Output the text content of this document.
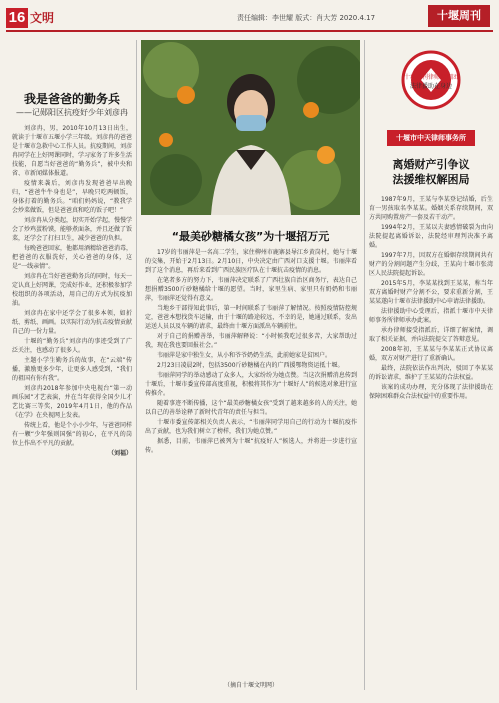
16 文明	责任编辑：李世耀 版式：肖大芳 2020.4.17	十堰周刊
我是爸爸的勤务兵
——记郧阳区抗疫好少年刘彦冉

刘彦冉，男，2010年10月13日出生，就读于十堰市五堰小学三年级。刘彦冉的爸爸是十堰市急救中心工作人员。抗疫期间，刘彦冉同学在上好网课同时，学习家务了许多生活技能，自愿当好爸爸的“勤务兵”，被中央和省、市新闻媒体报道。

疫情来袭后，刘彦冉发现爸爸早出晚归，“爸爸牛牛身也是”，早晚只吃两顿饭，身体打着的勤务兵。“咱们妈妈说，“教我学会炒菜做饭，但是爸爸真和吃的饭子吧！”

刘彦冉从分类起，切实开始学起，慢慢学会了炒鸡蛋粉馍，能够煮面条，并且还做了饭菜，还学会了打扫卫生，减少爸爸的负担。

每晚爸爸回家，他都用酒精给爸爸消毒，把爸爸的衣服洗好，关心爸爸的身体，这是“一线亲情”。

刘彦冉在当好爸爸勤务兵的同时，每天一定认真上好网课，完成好作业，还积极参加学校组织的各项活动，用自己的方式为抗疫加油。

刘彦冉在家中还学会了很多本领，如折纸、剪纸、画画。以实际行动为抗击疫情贡献自己的一份力量。

十堰的“勤务兵”刘彦冉的事迹受到了广泛关注，也感动了很多人。

主题小学生勤务兵的故事，在“云端”传播，激励更多少年，让更多人感受到，“我们的祖国有你有我”。

刘彦冉2018年参加中央电视台“第一动画乐园”才艺表演，并在当年获得全国少儿才艺比赛三等奖，2019年4月1日，他的作品《在学》在央视网上发表。

传统上看，他是个小小少年，与爸爸同样有一颗“少年强则国强”的初心，在平凡的岗位上作出不平凡的贡献。

（刘福）

“最美砂糖橘女孩”为十堰招万元

17岁的韦丽萍是一名高二学生，家住柳州市鹿寨县导江乡黄岗村，她与十堰的交集，开始于2月13日。2月10日，中央决定由广西对口支援十堰。韦丽萍看到了这个消息，再后来看到广西民族医疗队在十堰抗击疫情的消息。

在笔者多方的努力下，韦丽萍决定联系了广西壮族自治区商务厅，表达自己想捐赠3500斤砂糖橘给十堰的愿望。当时，家里生病、家里只有奶奶和韦丽萍，韦丽萍还觉得有意义。

当地乡干部得知此事后，第一时间联系了韦丽萍了解情况。按照疫情防控规定，爸爸本想找货车运输，由于十堰的路途较远，不幸的是，她通过联系，发出运送人员以及车辆的请求，最终由十堰方面派出车辆前往。

对于自己的捐赠善举，韦丽萍解释说：“小时候我吃过很多苦，大家帮助过我，现在我也要回报社会。”

韦丽萍是家中独生女，从小和爷爷奶奶生活，此前她家是贫困户。

2月23日凌晨2时，包括3500斤砂糖橘在内的广西援鄂物资运抵十堰。

韦丽萍同学的举动感动了众多人，大家纷纷为她点赞。当这次捐赠消息传到十堰后，十堰市委宣传部高度重视，积极将其作为“十堰好人”的候选对象进行宣传推介。

随着事迹不断传播，这个“最美砂糖橘女孩”受到了越来越多的人的关注，她以自己的善举诠释了新时代青年的责任与担当。

十堰市委宣传部相关负责人表示，“韦丽萍同学用自己的行动为十堰抗疫作出了贡献，也为我们树立了榜样，我们为她点赞。”

据悉，目前，韦丽萍已被列为十堰“抗疫好人”候选人，并将进一步进行宣传。

（摘自十堰文明网）
十堰周刊律师顾问团
法律援助在身边
十堰市中天律师事务所
离婚财产引争议
法援维权解困局

1987年9月，王某与李某登记结婚，后生育一男孩取名李某某。婚姻关系存续期间，双方共同购置房产一套及若干动产。

1994年2月，王某以夫妻感情破裂为由向法院提起离婚诉讼，法院经审理判决准予离婚。

1997年7月，因双方在婚姻存续期间共有财产的分割问题产生分歧，王某向十堰市张湾区人民法院提起诉讼。

2015年5月，李某某找到王某某，称当年双方离婚时财产分割不公，要求重新分割，王某某遂向十堰市法律援助中心申请法律援助。

法律援助中心受理后，指派十堰市中天律师事务所律师承办此案。

承办律师接受指派后，详细了解案情，调取了相关证据，并向法院提交了答辩意见。

2008年初，王某某与李某某正式协议离婚，双方对财产进行了重新确认。

最终，法院依法作出判决，驳回了李某某的诉讼请求，维护了王某某的合法权益。

该案的成功办理，充分体现了法律援助在保障困难群众合法权益中的重要作用。
